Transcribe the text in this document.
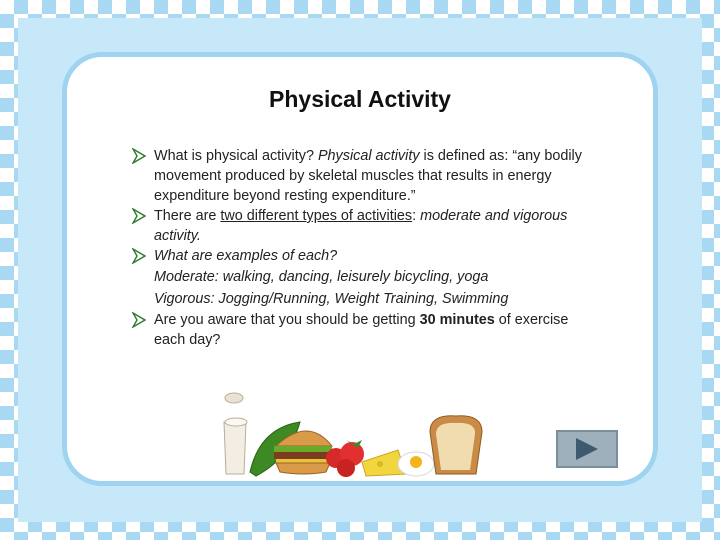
Physical Activity
What is physical activity? Physical activity is defined as: “any bodily movement produced by skeletal muscles that results in energy expenditure beyond resting expenditure.”
There are two different types of activities: moderate and vigorous activity.
What are examples of each?
Moderate: walking, dancing, leisurely bicycling, yoga
Vigorous: Jogging/Running, Weight Training, Swimming
Are you aware that you should be getting 30 minutes of exercise each day?
